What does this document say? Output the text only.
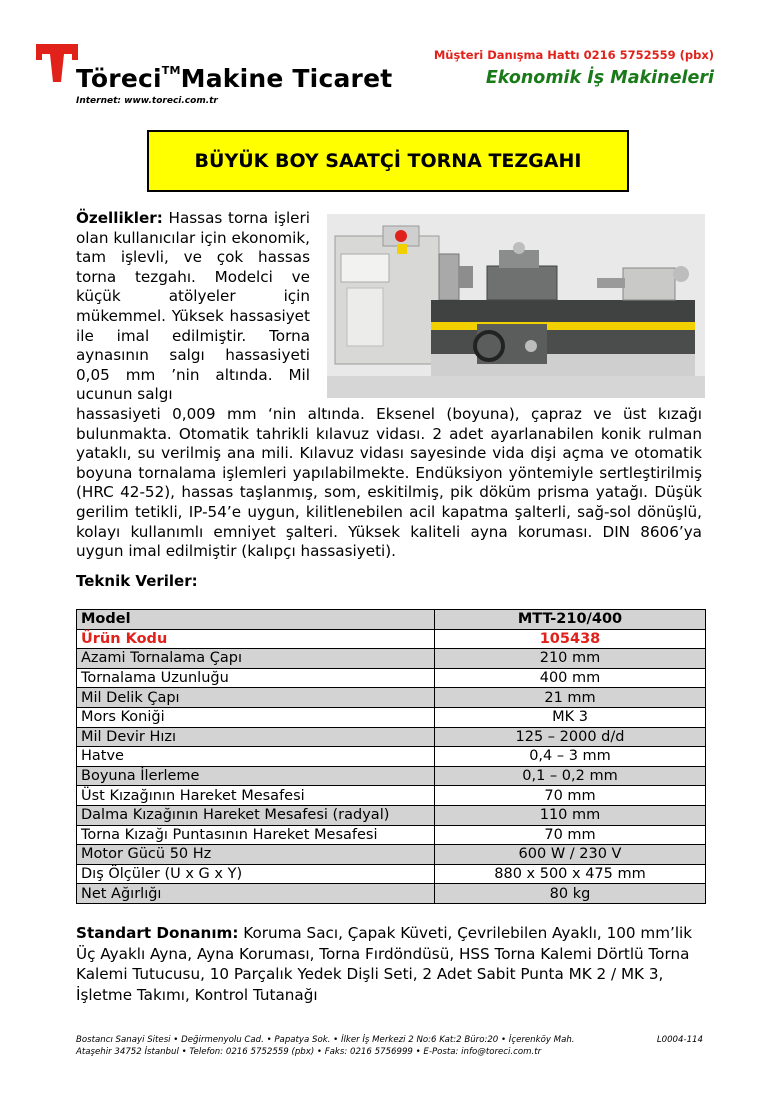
Töreci™Makine Ticaret
Internet: www.toreci.com.tr
Müşteri Danışma Hattı 0216 5752559 (pbx)
Ekonomik İş Makineleri
BÜYÜK BOY SAATÇİ TORNA TEZGAHI

Özellikler: Hassas torna işleri olan kullanıcılar için ekonomik, tam işlevli, ve çok hassas torna tezgahı. Modelci ve küçük atölyeler için mükemmel. Yüksek hassasiyet ile imal edilmiştir. Torna aynasının salgı hassasiyeti 0,05 mm ’nin altında. Mil ucunun salgı

hassasiyeti 0,009 mm ‘nin altında. Eksenel (boyuna), çapraz ve üst kızağı bulunmakta. Otomatik tahrikli kılavuz vidası. 2 adet ayarlanabilen konik rulman yataklı, su verilmiş ana mili. Kılavuz vidası sayesinde vida dişi açma ve otomatik boyuna tornalama işlemleri yapılabilmekte. Endüksiyon yöntemiyle sertleştirilmiş (HRC 42-52), hassas taşlanmış, som, eskitilmiş, pik döküm prisma yatağı. Düşük gerilim tetikli, IP-54’e uygun, kilitlenebilen acil kapatma şalterli, sağ-sol dönüşlü, kolayı kullanımlı emniyet şalteri. Yüksek kaliteli ayna koruması. DIN 8606’ya uygun imal edilmiştir (kalıpçı hassasiyeti).

Teknik Veriler:
Model	MTT-210/400
Ürün Kodu	105438
Azami Tornalama Çapı	210 mm
Tornalama Uzunluğu	400 mm
Mil Delik Çapı	21 mm
Mors Koniği	MK 3
Mil Devir Hızı	125 – 2000 d/d
Hatve	0,4 – 3 mm
Boyuna İlerleme	0,1 – 0,2 mm
Üst Kızağının Hareket Mesafesi	70 mm
Dalma Kızağının Hareket Mesafesi (radyal)	110 mm
Torna Kızağı Puntasının Hareket Mesafesi	70 mm
Motor Gücü 50 Hz	600 W / 230 V
Dış Ölçüler (U x G x Y)	880 x 500 x 475 mm
Net Ağırlığı	80 kg

Standart Donanım: Koruma Sacı, Çapak Küveti, Çevrilebilen Ayaklı, 100 mm’lik Üç Ayaklı Ayna, Ayna Koruması, Torna Fırdöndüsü, HSS Torna Kalemi Dörtlü Torna Kalemi Tutucusu, 10 Parçalık Yedek Dişli Seti, 2 Adet Sabit Punta MK 2 / MK 3, İşletme Takımı, Kontrol Tutanağı

Bostancı Sanayi Sitesi • Değirmenyolu Cad. • Papatya Sok. • İlker İş Merkezi 2 No:6 Kat:2 Büro:20 • İçerenköy Mah.	L0004-114
Ataşehir 34752 İstanbul • Telefon: 0216 5752559 (pbx) • Faks: 0216 5756999 • E-Posta: info@toreci.com.tr
